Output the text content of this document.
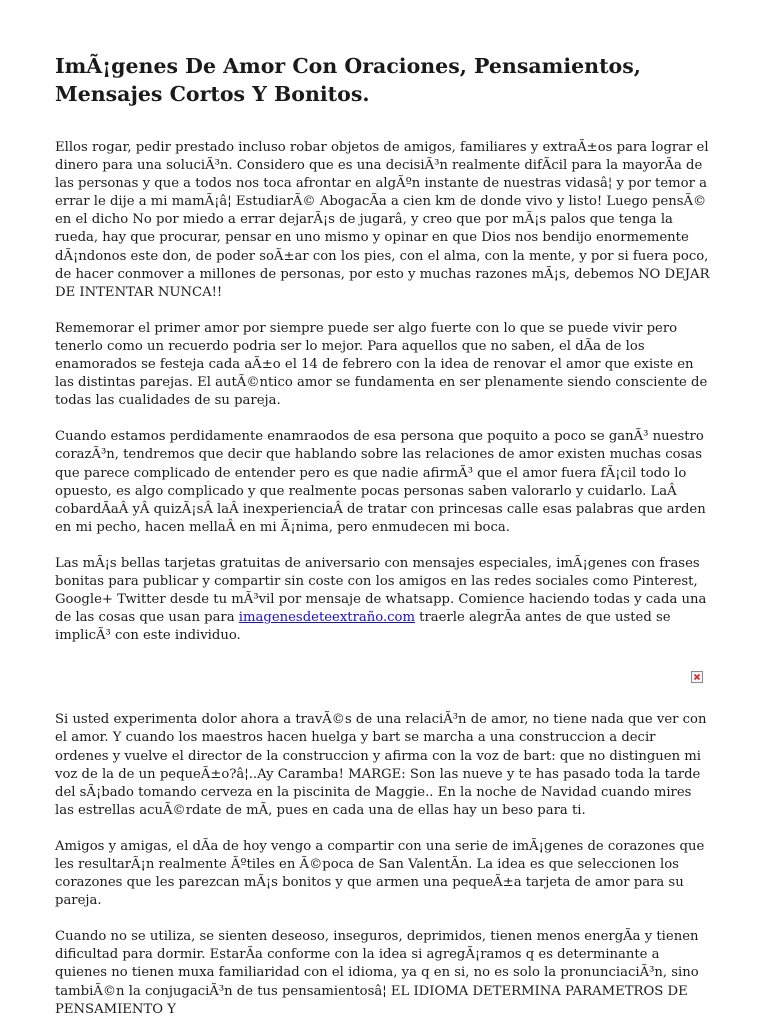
ImÃ¡genes De Amor Con Oraciones, Pensamientos, Mensajes Cortos Y Bonitos.

Ellos rogar, pedir prestado incluso robar objetos de amigos, familiares y extraÃ±os para lograr el dinero para una soluciÃ³n. Considero que es una decisiÃ³n realmente difÃcil para la mayorÃa de las personas y que a todos nos toca afrontar en algÃºn instante de nuestras vidasâ¦ y por temor a errar le dije a mi mamÃ¡â¦ EstudiarÃ© AbogacÃa a cien km de donde vivo y listo! Luego pensÃ© en el dicho No por miedo a errar dejarÃ¡s de jugarâ, y creo que por mÃ¡s palos que tenga la rueda, hay que procurar, pensar en uno mismo y opinar en que Dios nos bendijo enormemente dÃ¡ndonos este don, de poder soÃ±ar con los pies, con el alma, con la mente, y por si fuera poco, de hacer conmover a millones de personas, por esto y muchas razones mÃ¡s, debemos NO DEJAR DE INTENTAR NUNCA!!

Rememorar el primer amor por siempre puede ser algo fuerte con lo que se puede vivir pero tenerlo como un recuerdo podria ser lo mejor. Para aquellos que no saben, el dÃa de los enamorados se festeja cada aÃ±o el 14 de febrero con la idea de renovar el amor que existe en las distintas parejas. El autÃ©ntico amor se fundamenta en ser plenamente siendo consciente de todas las cualidades de su pareja.

Cuando estamos perdidamente enamraodos de esa persona que poquito a poco se ganÃ³ nuestro corazÃ³n, tendremos que decir que hablando sobre las relaciones de amor existen muchas cosas que parece complicado de entender pero es que nadie afirmÃ³ que el amor fuera fÃ¡cil todo lo opuesto, es algo complicado y que realmente pocas personas saben valorarlo y cuidarlo. LaÂ cobardÃaÂ yÂ quizÃ¡sÂ laÂ inexperienciaÂ de tratar con princesas calle esas palabras que arden en mi pecho, hacen mellaÂ en mi Ã¡nima, pero enmudecen mi boca.

Las mÃ¡s bellas tarjetas gratuitas de aniversario con mensajes especiales, imÃ¡genes con frases bonitas para publicar y compartir sin coste con los amigos en las redes sociales como Pinterest, Google+ Twitter desde tu mÃ³vil por mensaje de whatsapp. Comience haciendo todas y cada una de las cosas que usan para imagenesdeteextraño.com traerle alegrÃa antes de que usted se implicÃ³ con este individuo.

Si usted experimenta dolor ahora a travÃ©s de una relaciÃ³n de amor, no tiene nada que ver con el amor. Y cuando los maestros hacen huelga y bart se marcha a una construccion a decir ordenes y vuelve el director de la construccion y afirma con la voz de bart: que no distinguen mi voz de la de un pequeÃ±o?â¦..Ay Caramba! MARGE: Son las nueve y te has pasado toda la tarde del sÃ¡bado tomando cerveza en la piscinita de Maggie.. En la noche de Navidad cuando mires las estrellas acuÃ©rdate de mÃ, pues en cada una de ellas hay un beso para ti.

Amigos y amigas, el dÃa de hoy vengo a compartir con una serie de imÃ¡genes de corazones que les resultarÃ¡n realmente Ãºtiles en Ã©poca de San ValentÃn. La idea es que seleccionen los corazones que les parezcan mÃ¡s bonitos y que armen una pequeÃ±a tarjeta de amor para su pareja.

Cuando no se utiliza, se sienten deseoso, inseguros, deprimidos, tienen menos energÃa y tienen dificultad para dormir. EstarÃa conforme con la idea si agregÃ¡ramos q es determinante a quienes no tienen muxa familiaridad con el idioma, ya q en si, no es solo la pronunciaciÃ³n, sino tambiÃ©n la conjugaciÃ³n de tus pensamientosâ¦ EL IDIOMA DETERMINA PARAMETROS DE PENSAMIENTO Y
